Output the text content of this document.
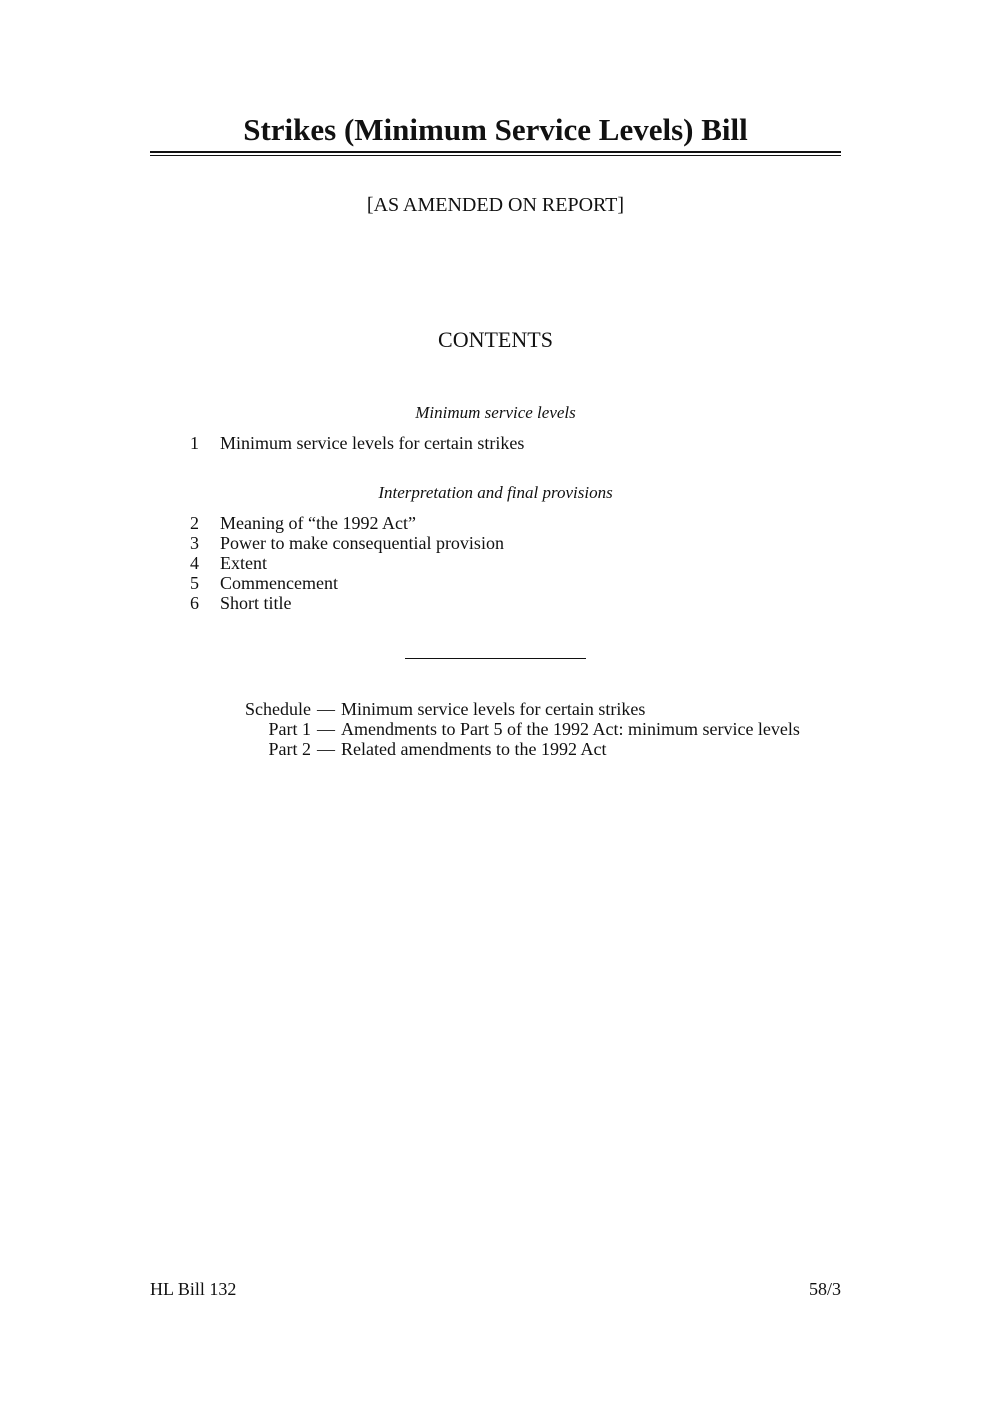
Strikes (Minimum Service Levels) Bill
[AS AMENDED ON REPORT]
CONTENTS
Minimum service levels
1	Minimum service levels for certain strikes
Interpretation and final provisions
2	Meaning of “the 1992 Act”
3	Power to make consequential provision
4	Extent
5	Commencement
6	Short title
Schedule — Minimum service levels for certain strikes
Part 1 — Amendments to Part 5 of the 1992 Act: minimum service levels
Part 2 — Related amendments to the 1992 Act
HL Bill 132	58/3
